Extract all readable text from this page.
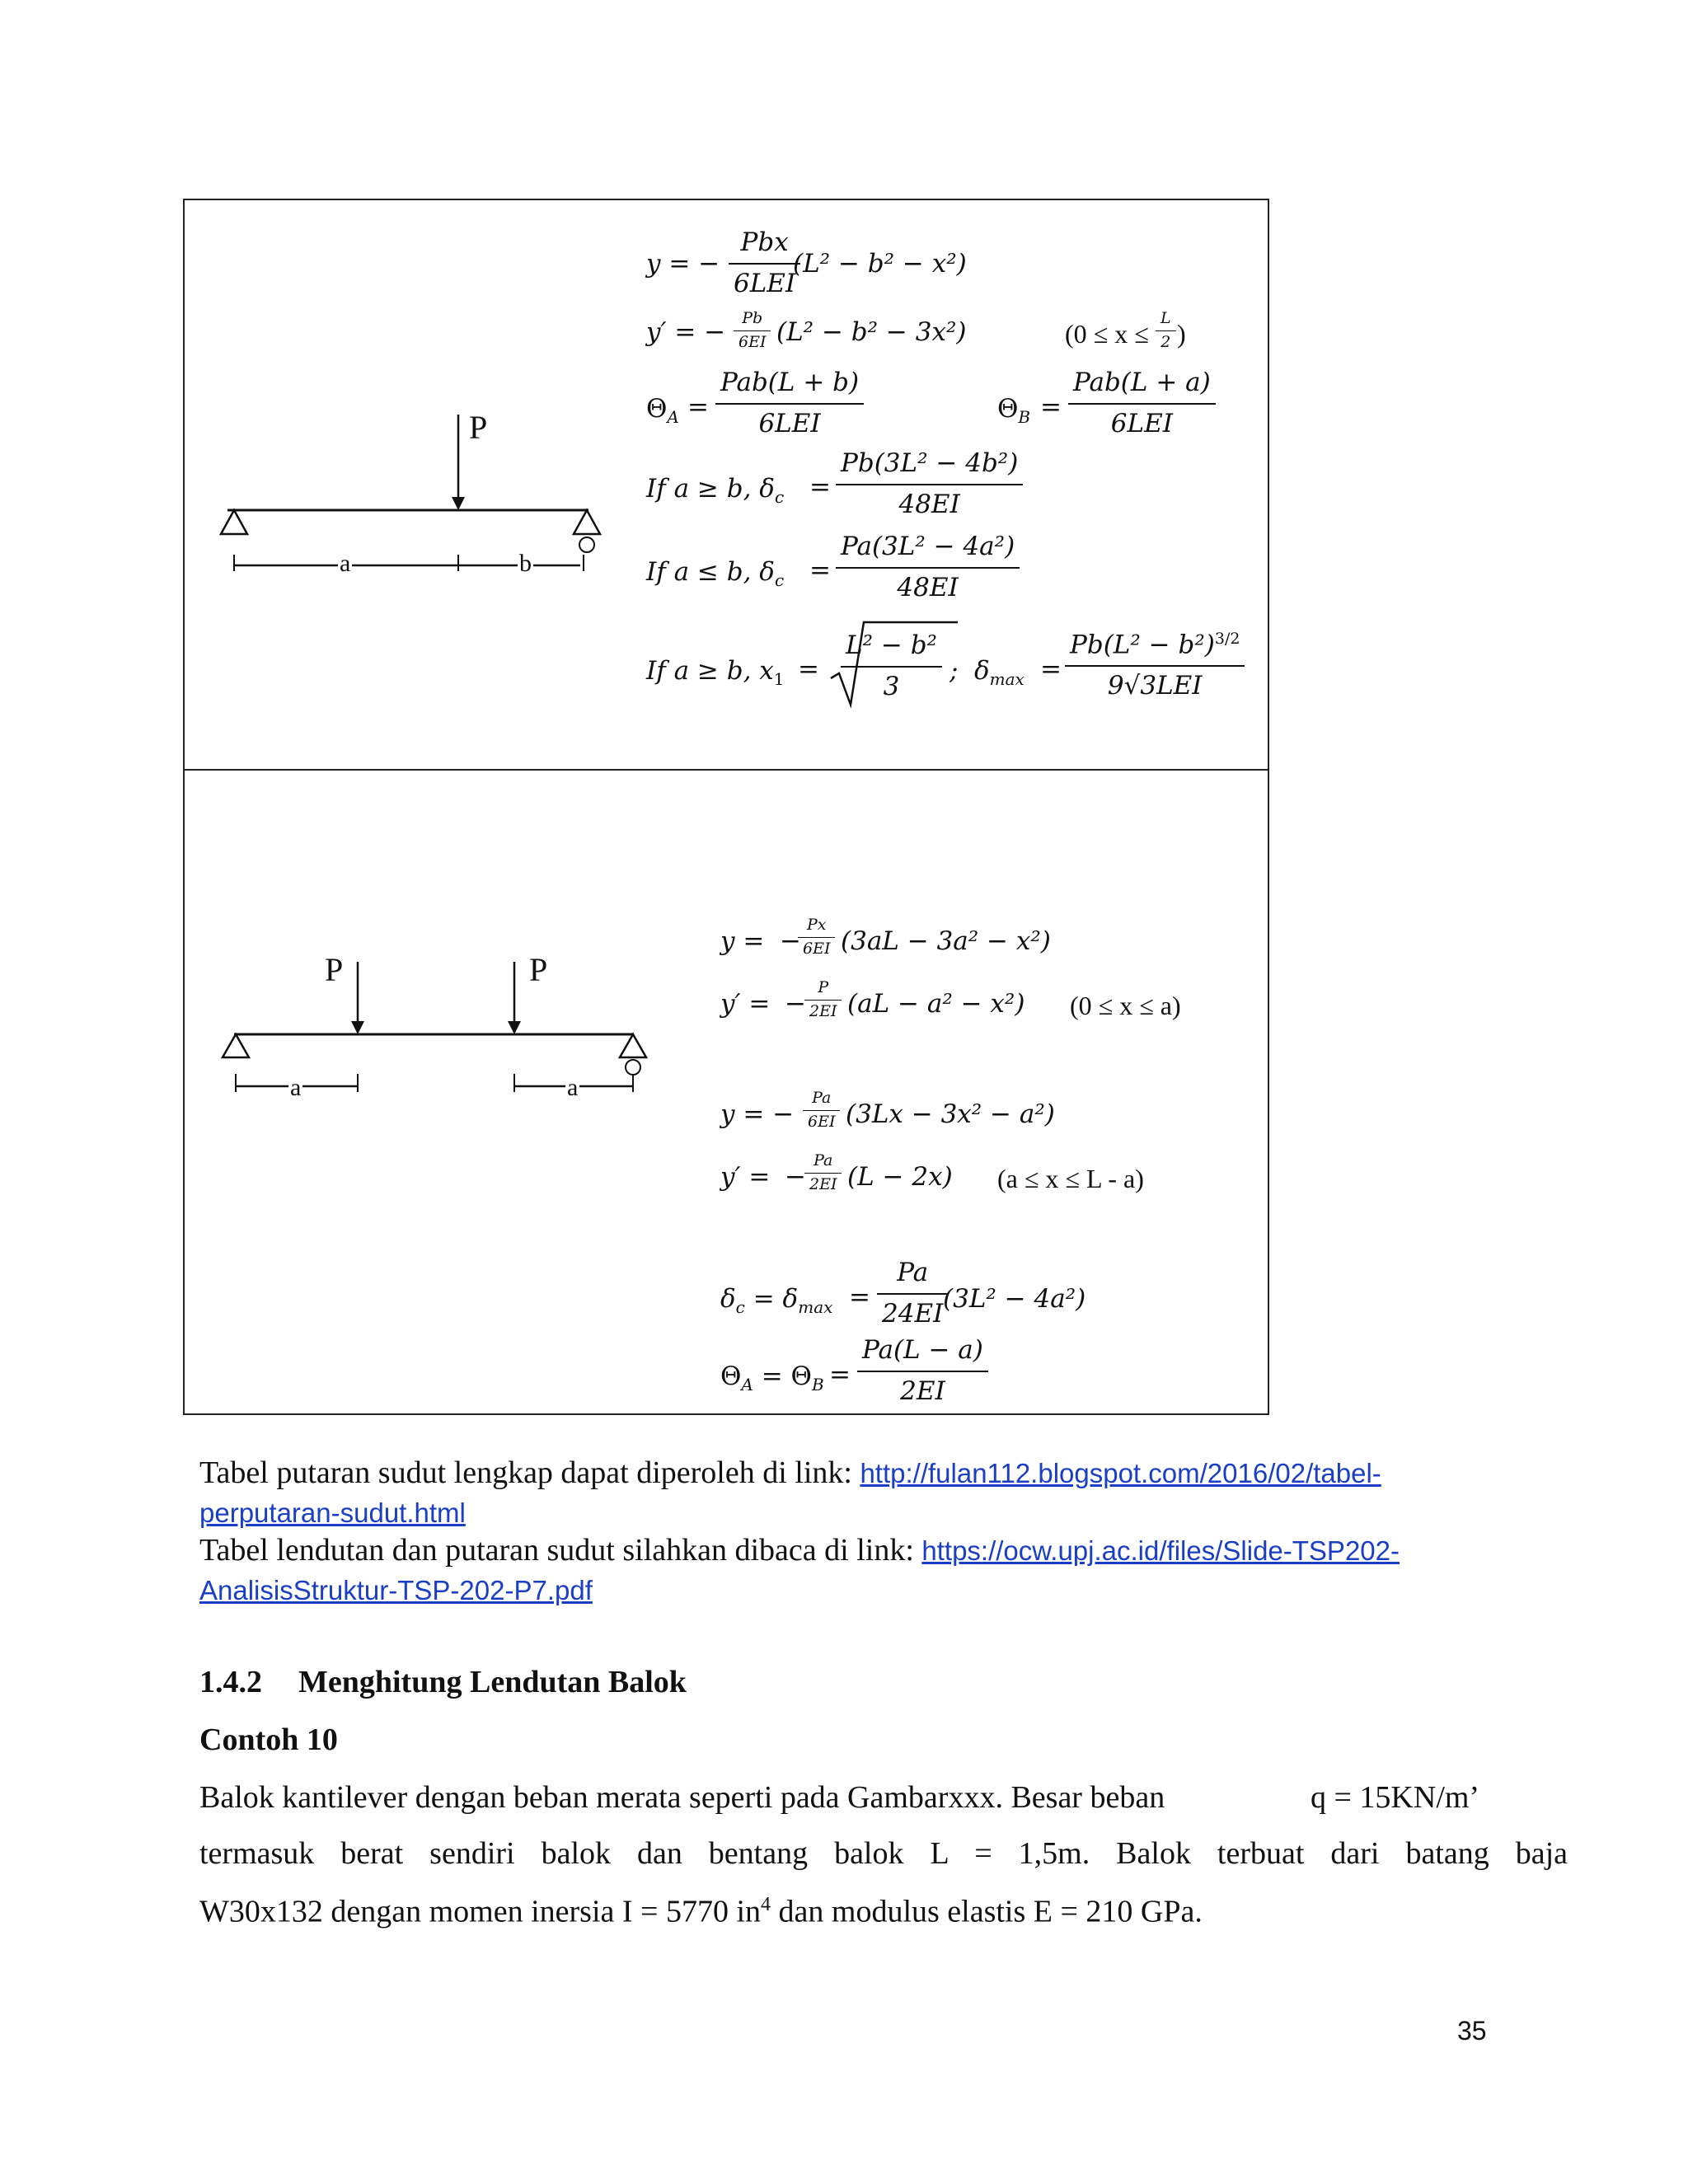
P
a	b
y = −
Pbx
6LEI
(L² − b² − x²)
y′ = −	Pb
6EI (L² − b² − 3x²)	(0 ≤ x ≤
L
2 )
$\Theta_A$ =
Pab(L + b)
6LEI	$\Theta_B$ =
Pab(L + a)
6LEI
If a ≥ b, $\delta_c$ =
Pb(3L² − 4b²)
48EI
If a ≤ b, $\delta_c$ =
Pa(3L² − 4a²)
48EI
If a ≥ b, $x_1$ =
L² − b²
3
; $\delta_{max}$ =
$Pb(L^2 - b^2)^{3/2}$
9√3LEI
P	P
a	a
y = −
Px
6EI (3aL − 3a² − x²)
y′ = −
P
2EI (aL − a² − x²) (0 ≤ x ≤ a)
y = −
Pa
6EI (3Lx − 3x² − a²)
y′ = −
Pa
2EI (L − 2x) (a ≤ x ≤ L - a)
$\delta_c = \delta_{max}$ =
Pa
24EI (3L² − 4a²)
$\Theta_A = \Theta_B$ =
Pa(L − a)
2EI
Tabel putaran sudut lengkap dapat diperoleh di link: http://fulan112.blogspot.com/2016/02/tabel-
perputaran-sudut.html
Tabel lendutan dan putaran sudut silahkan dibaca di link: https://ocw.upj.ac.id/files/Slide-TSP202-
AnalisisStruktur-TSP-202-P7.pdf
1.4.2 Menghitung Lendutan Balok
Contoh 10
Balok kantilever dengan beban merata seperti pada Gambarxxx. Besar beban	q = 15KN/m’
termasuk berat sendiri balok dan bentang balok L = 1,5m. Balok terbuat dari batang baja
W30x132 dengan momen inersia I = 5770 $in^4$ dan modulus elastis E = 210 GPa.
35
